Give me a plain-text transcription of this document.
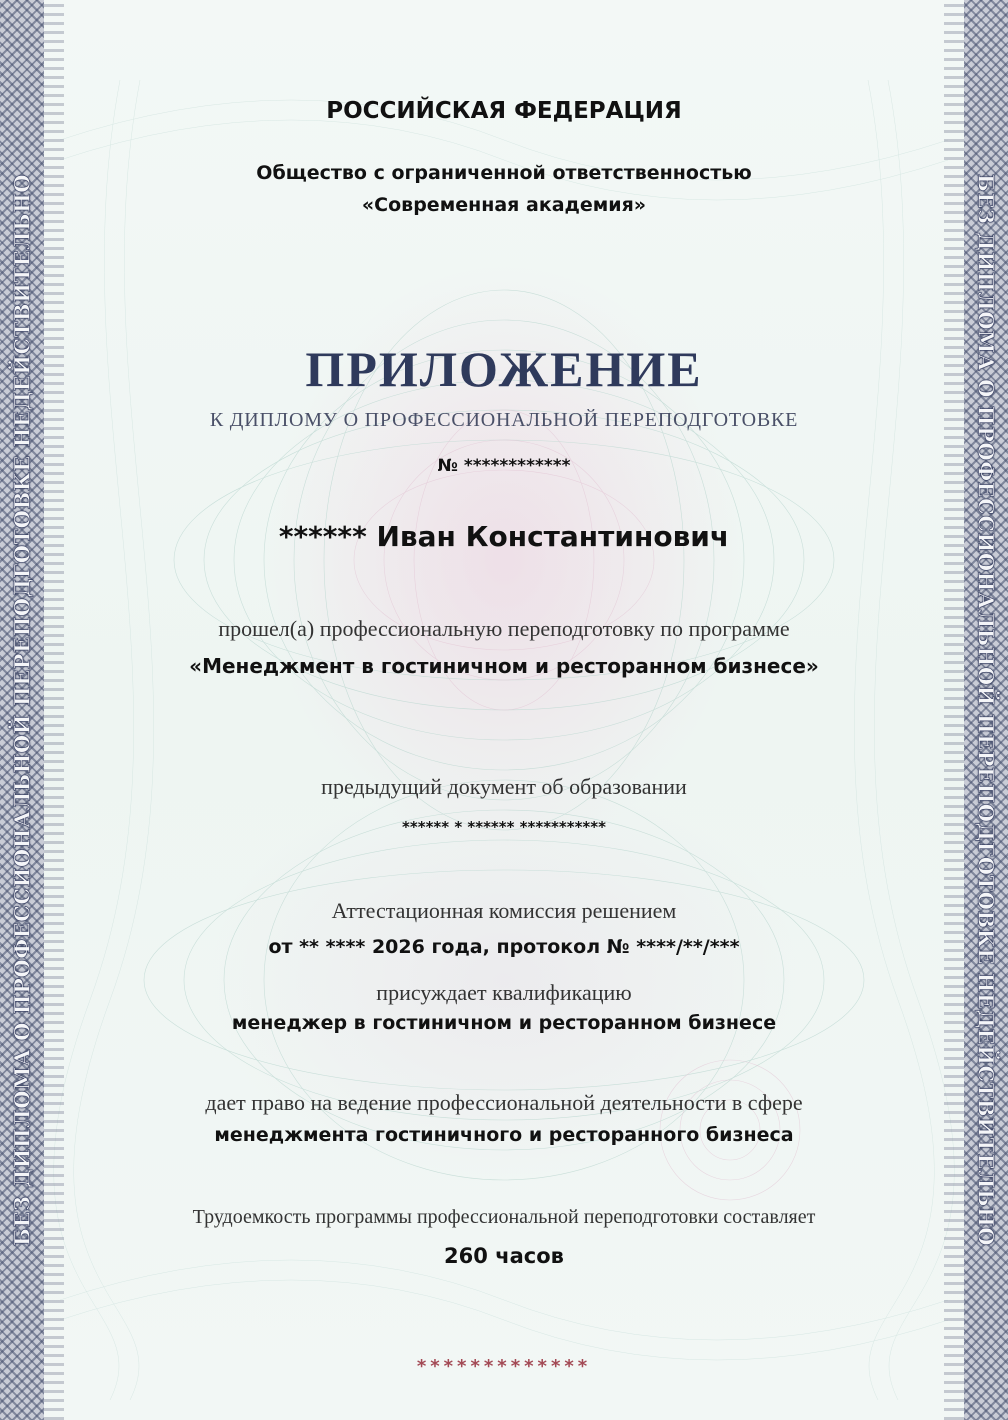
БЕЗ ДИПЛОМА О ПРОФЕССИОНАЛЬНОЙ ПЕРЕПОДГОТОВКЕ НЕДЕЙСТВИТЕЛЬНО	БЕЗ ДИПЛОМА О ПРОФЕССИОНАЛЬНОЙ ПЕРЕПОДГОТОВКЕ НЕДЕЙСТВИТЕЛЬНО
РОССИЙСКАЯ ФЕДЕРАЦИЯ
Общество с ограниченной ответственностью
«Современная академия»
ПРИЛОЖЕНИЕ
К ДИПЛОМУ О ПРОФЕССИОНАЛЬНОЙ ПЕРЕПОДГОТОВКЕ
№ ************
****** Иван Константинович
прошел(а) профессиональную переподготовку по программе
«Менеджмент в гостиничном и ресторанном бизнесе»
предыдущий документ об образовании
****** * ****** ***********
Аттестационная комиссия решением
от ** **** 2026 года, протокол № ****/**/***
присуждает квалификацию
менеджер в гостиничном и ресторанном бизнесе
дает право на ведение профессиональной деятельности в сфере
менеджмента гостиничного и ресторанного бизнеса
Трудоемкость программы профессиональной переподготовки составляет
260 часов
*************
